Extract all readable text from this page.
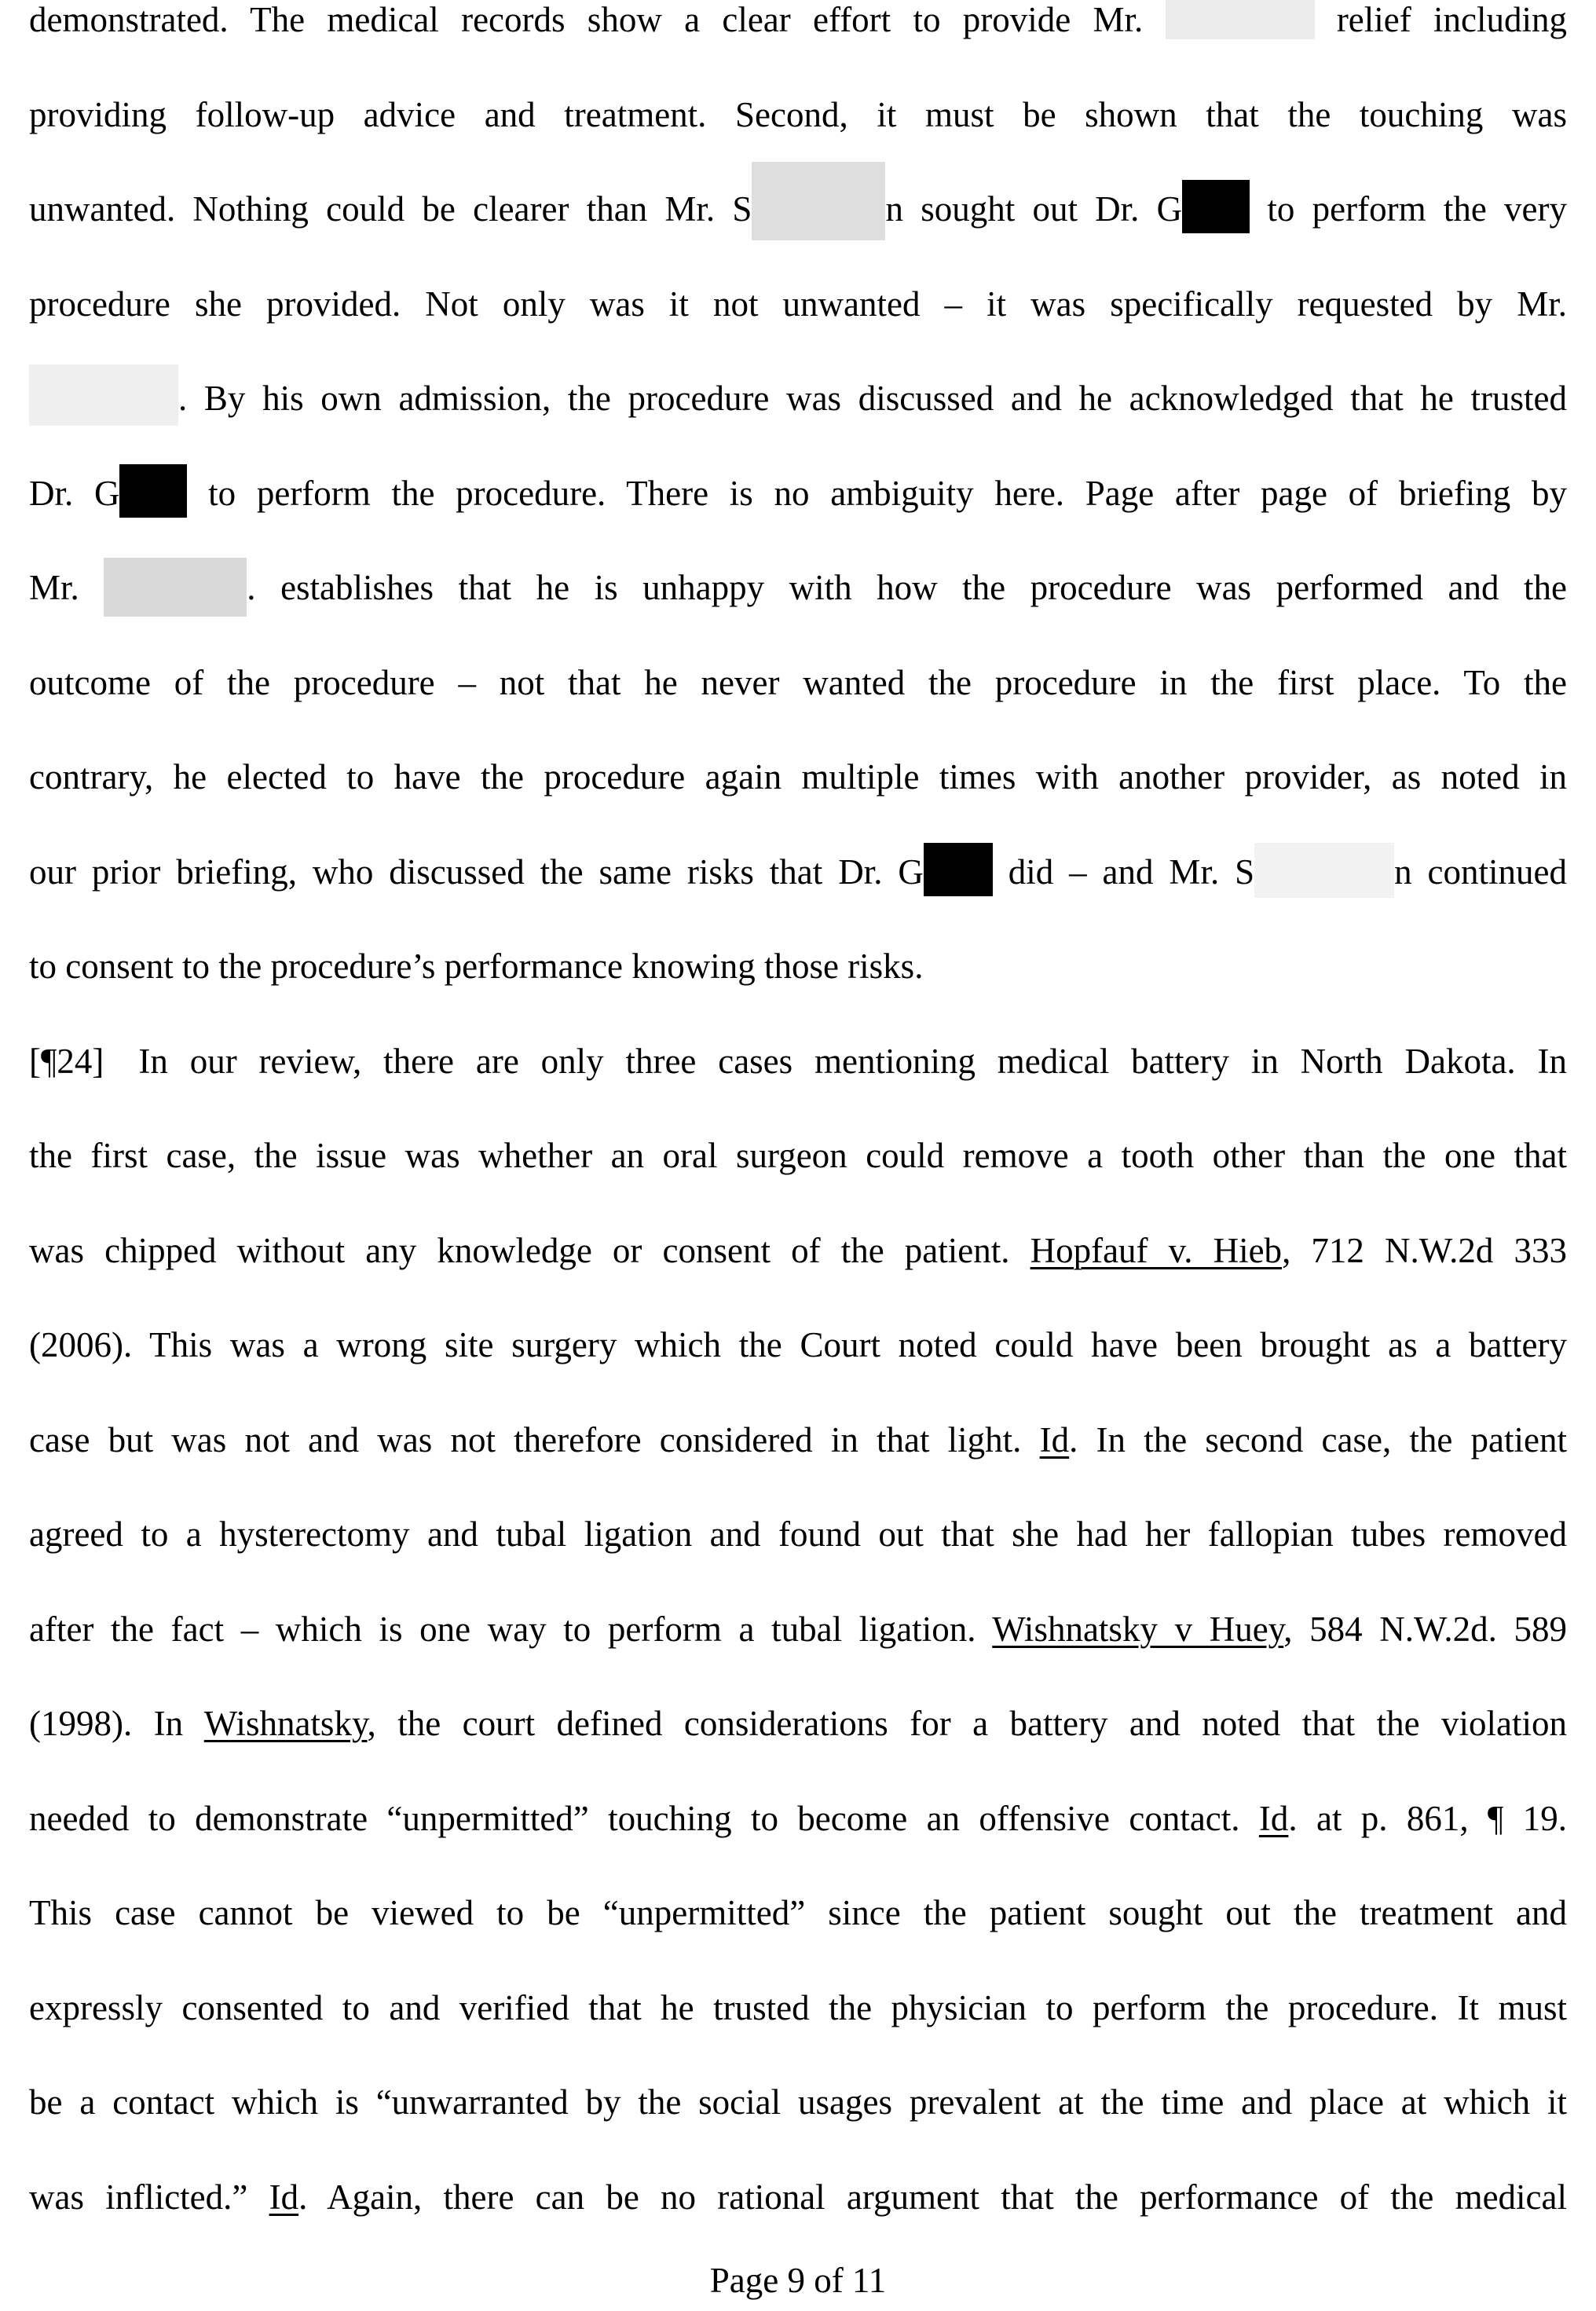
demonstrated. The medical records show a clear effort to provide Mr.	relief including
providing follow-up advice and treatment. Second, it must be shown that the touching was
unwanted. Nothing could be clearer than Mr. S	n sought out Dr. G to perform the very
procedure she provided. Not only was it not unwanted – it was specifically requested by Mr.
. By his own admission, the procedure was discussed and he acknowledged that he trusted
Dr. G to perform the procedure. There is no ambiguity here. Page after page of briefing by
Mr.	. establishes that he is unhappy with how the procedure was performed and the
outcome of the procedure – not that he never wanted the procedure in the first place. To the
contrary, he elected to have the procedure again multiple times with another provider, as noted in
our prior briefing, who discussed the same risks that Dr. G did – and Mr. S	n continued
to consent to the procedure’s performance knowing those risks.
[¶24] In our review, there are only three cases mentioning medical battery in North Dakota. In
the first case, the issue was whether an oral surgeon could remove a tooth other than the one that
was chipped without any knowledge or consent of the patient. Hopfauf v. Hieb, 712 N.W.2d 333
(2006). This was a wrong site surgery which the Court noted could have been brought as a battery
case but was not and was not therefore considered in that light. Id. In the second case, the patient
agreed to a hysterectomy and tubal ligation and found out that she had her fallopian tubes removed
after the fact – which is one way to perform a tubal ligation. Wishnatsky v Huey, 584 N.W.2d. 589
(1998). In Wishnatsky, the court defined considerations for a battery and noted that the violation
needed to demonstrate “unpermitted” touching to become an offensive contact. Id. at p. 861, ¶ 19.
This case cannot be viewed to be “unpermitted” since the patient sought out the treatment and
expressly consented to and verified that he trusted the physician to perform the procedure. It must
be a contact which is “unwarranted by the social usages prevalent at the time and place at which it
was inflicted.” Id. Again, there can be no rational argument that the performance of the medical
Page 9 of 11
